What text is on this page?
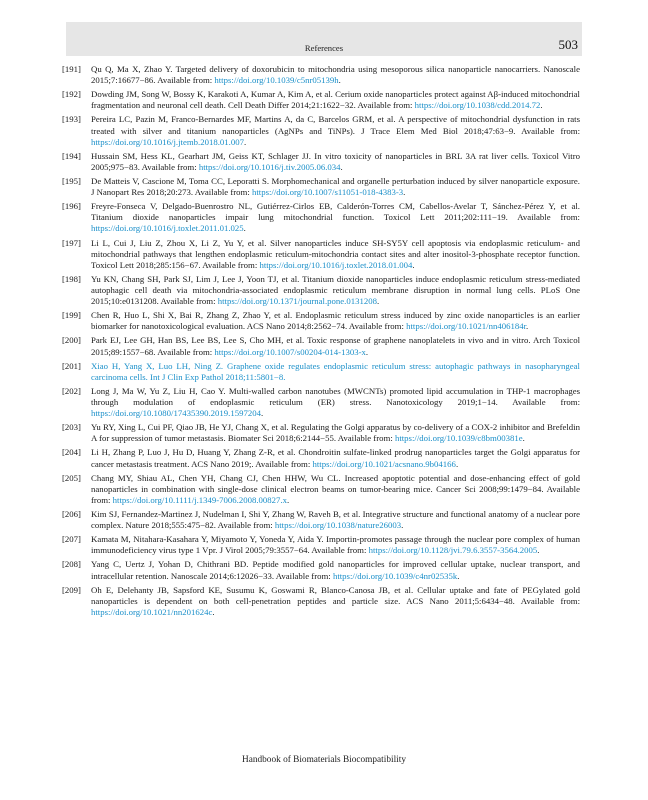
References	503
[191] Qu Q, Ma X, Zhao Y. Targeted delivery of doxorubicin to mitochondria using mesoporous silica nanoparticle nanocarriers. Nanoscale 2015;7:16677−86. Available from: https://doi.org/10.1039/c5nr05139h.
[192] Dowding JM, Song W, Bossy K, Karakoti A, Kumar A, Kim A, et al. Cerium oxide nanoparticles protect against Aβ-induced mitochondrial fragmentation and neuronal cell death. Cell Death Differ 2014;21:1622−32. Available from: https://doi.org/10.1038/cdd.2014.72.
[193] Pereira LC, Pazin M, Franco-Bernardes MF, Martins A, da C, Barcelos GRM, et al. A perspective of mitochondrial dysfunction in rats treated with silver and titanium nanoparticles (AgNPs and TiNPs). J Trace Elem Med Biol 2018;47:63−9. Available from: https://doi.org/10.1016/j.jtemb.2018.01.007.
[194] Hussain SM, Hess KL, Gearhart JM, Geiss KT, Schlager JJ. In vitro toxicity of nanoparticles in BRL 3A rat liver cells. Toxicol Vitro 2005;975−83. Available from: https://doi.org/10.1016/j.tiv.2005.06.034.
[195] De Matteis V, Cascione M, Toma CC, Leporatti S. Morphomechanical and organelle perturbation induced by silver nanoparticle exposure. J Nanopart Res 2018;20:273. Available from: https://doi.org/10.1007/s11051-018-4383-3.
[196] Freyre-Fonseca V, Delgado-Buenrostro NL, Gutiérrez-Cirlos EB, Calderón-Torres CM, Cabellos-Avelar T, Sánchez-Pérez Y, et al. Titanium dioxide nanoparticles impair lung mitochondrial function. Toxicol Lett 2011;202:111−19. Available from: https://doi.org/10.1016/j.toxlet.2011.01.025.
[197] Li L, Cui J, Liu Z, Zhou X, Li Z, Yu Y, et al. Silver nanoparticles induce SH-SY5Y cell apoptosis via endoplasmic reticulum- and mitochondrial pathways that lengthen endoplasmic reticulum-mitochondria contact sites and alter inositol-3-phosphate receptor function. Toxicol Lett 2018;285:156−67. Available from: https://doi.org/10.1016/j.toxlet.2018.01.004.
[198] Yu KN, Chang SH, Park SJ, Lim J, Lee J, Yoon TJ, et al. Titanium dioxide nanoparticles induce endoplasmic reticulum stress-mediated autophagic cell death via mitochondria-associated endoplasmic reticulum membrane disruption in normal lung cells. PLoS One 2015;10:e0131208. Available from: https://doi.org/10.1371/journal.pone.0131208.
[199] Chen R, Huo L, Shi X, Bai R, Zhang Z, Zhao Y, et al. Endoplasmic reticulum stress induced by zinc oxide nanoparticles is an earlier biomarker for nanotoxicological evaluation. ACS Nano 2014;8:2562−74. Available from: https://doi.org/10.1021/nn406184r.
[200] Park EJ, Lee GH, Han BS, Lee BS, Lee S, Cho MH, et al. Toxic response of graphene nanoplatelets in vivo and in vitro. Arch Toxicol 2015;89:1557−68. Available from: https://doi.org/10.1007/s00204-014-1303-x.
[201] Xiao H, Yang X, Luo LH, Ning Z. Graphene oxide regulates endoplasmic reticulum stress: autophagic pathways in nasopharyngeal carcinoma cells. Int J Clin Exp Pathol 2018;11:5801−8.
[202] Long J, Ma W, Yu Z, Liu H, Cao Y. Multi-walled carbon nanotubes (MWCNTs) promoted lipid accumulation in THP-1 macrophages through modulation of endoplasmic reticulum (ER) stress. Nanotoxicology 2019;1−14. Available from: https://doi.org/10.1080/17435390.2019.1597204.
[203] Yu RY, Xing L, Cui PF, Qiao JB, He YJ, Chang X, et al. Regulating the Golgi apparatus by co-delivery of a COX-2 inhibitor and Brefeldin A for suppression of tumor metastasis. Biomater Sci 2018;6:2144−55. Available from: https://doi.org/10.1039/c8bm00381e.
[204] Li H, Zhang P, Luo J, Hu D, Huang Y, Zhang Z-R, et al. Chondroitin sulfate-linked prodrug nanoparticles target the Golgi apparatus for cancer metastasis treatment. ACS Nano 2019;. Available from: https://doi.org/10.1021/acsnano.9b04166.
[205] Chang MY, Shiau AL, Chen YH, Chang CJ, Chen HHW, Wu CL. Increased apoptotic potential and dose-enhancing effect of gold nanoparticles in combination with single-dose clinical electron beams on tumor-bearing mice. Cancer Sci 2008;99:1479−84. Available from: https://doi.org/10.1111/j.1349-7006.2008.00827.x.
[206] Kim SJ, Fernandez-Martinez J, Nudelman I, Shi Y, Zhang W, Raveh B, et al. Integrative structure and functional anatomy of a nuclear pore complex. Nature 2018;555:475−82. Available from: https://doi.org/10.1038/nature26003.
[207] Kamata M, Nitahara-Kasahara Y, Miyamoto Y, Yoneda Y, Aida Y. Importin-promotes passage through the nuclear pore complex of human immunodeficiency virus type 1 Vpr. J Virol 2005;79:3557−64. Available from: https://doi.org/10.1128/jvi.79.6.3557-3564.2005.
[208] Yang C, Uertz J, Yohan D, Chithrani BD. Peptide modified gold nanoparticles for improved cellular uptake, nuclear transport, and intracellular retention. Nanoscale 2014;6:12026−33. Available from: https://doi.org/10.1039/c4nr02535k.
[209] Oh E, Delehanty JB, Sapsford KE, Susumu K, Goswami R, Blanco-Canosa JB, et al. Cellular uptake and fate of PEGylated gold nanoparticles is dependent on both cell-penetration peptides and particle size. ACS Nano 2011;5:6434−48. Available from: https://doi.org/10.1021/nn201624c.
Handbook of Biomaterials Biocompatibility
